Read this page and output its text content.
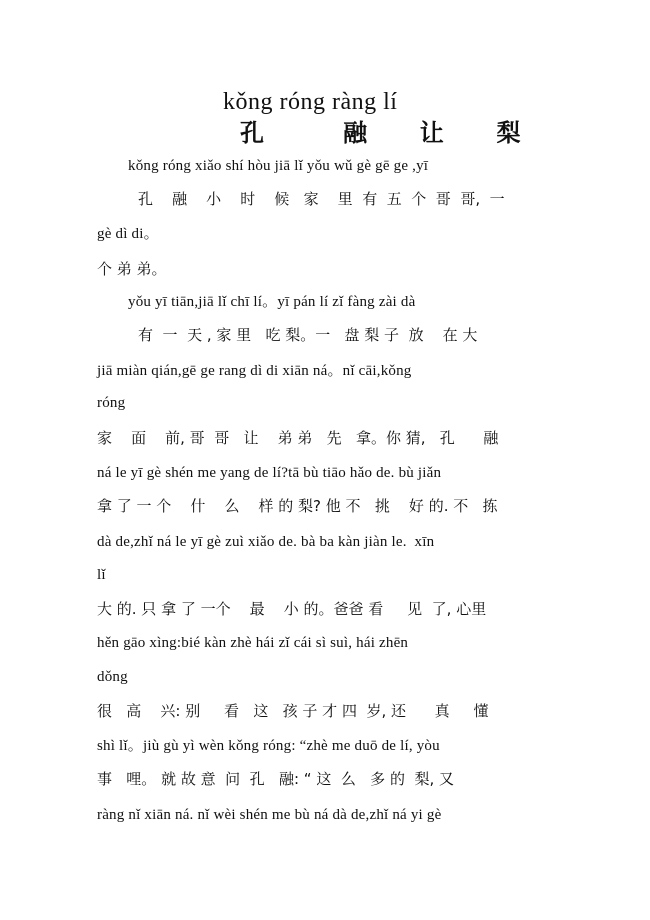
kǒng róng ràng lí
孔   融  让  梨
kǒng róng xiǎo shí hòu jiā lǐ yǒu wǔ gè gē ge ,yī
孔    融    小    时    候   家    里  有  五  个  哥  哥,  一
gè dì di。
个 弟 弟。
yǒu yī tiān,jiā lǐ chī lí。yī pán lí zǐ fàng zài dà
有  一  天 , 家 里   吃 梨。一   盘 梨 子  放    在 大
jiā miàn qián,gē ge rang dì di xiān ná。nǐ cāi,kǒng
róng
家    面    前, 哥  哥   让    弟 弟   先   拿。你 猜,   孔      融
ná le yī gè shén me yang de lí?tā bù tiāo hǎo de. bù jiǎn
拿 了 一 个    什    么    样 的 梨? 他 不   挑    好 的. 不   拣
dà de,zhǐ ná le yī gè zuì xiǎo de. bà ba kàn jiàn le.  xīn
lǐ
大 的. 只 拿 了 一个    最    小 的。爸爸 看     见  了, 心里
hěn gāo xìng:bié kàn zhè hái zǐ cái sì suì, hái zhēn
dǒng
很   高    兴: 别     看   这   孩 子 才 四  岁, 还      真     懂
shì lǐ。jiù gù yì wèn kǒng róng: “zhè me duō de lí, yòu
事   哩。 就 故 意  问  孔   融: “ 这  么   多 的  梨, 又
ràng nǐ xiān ná. nǐ wèi shén me bù ná dà de,zhǐ ná yi gè
